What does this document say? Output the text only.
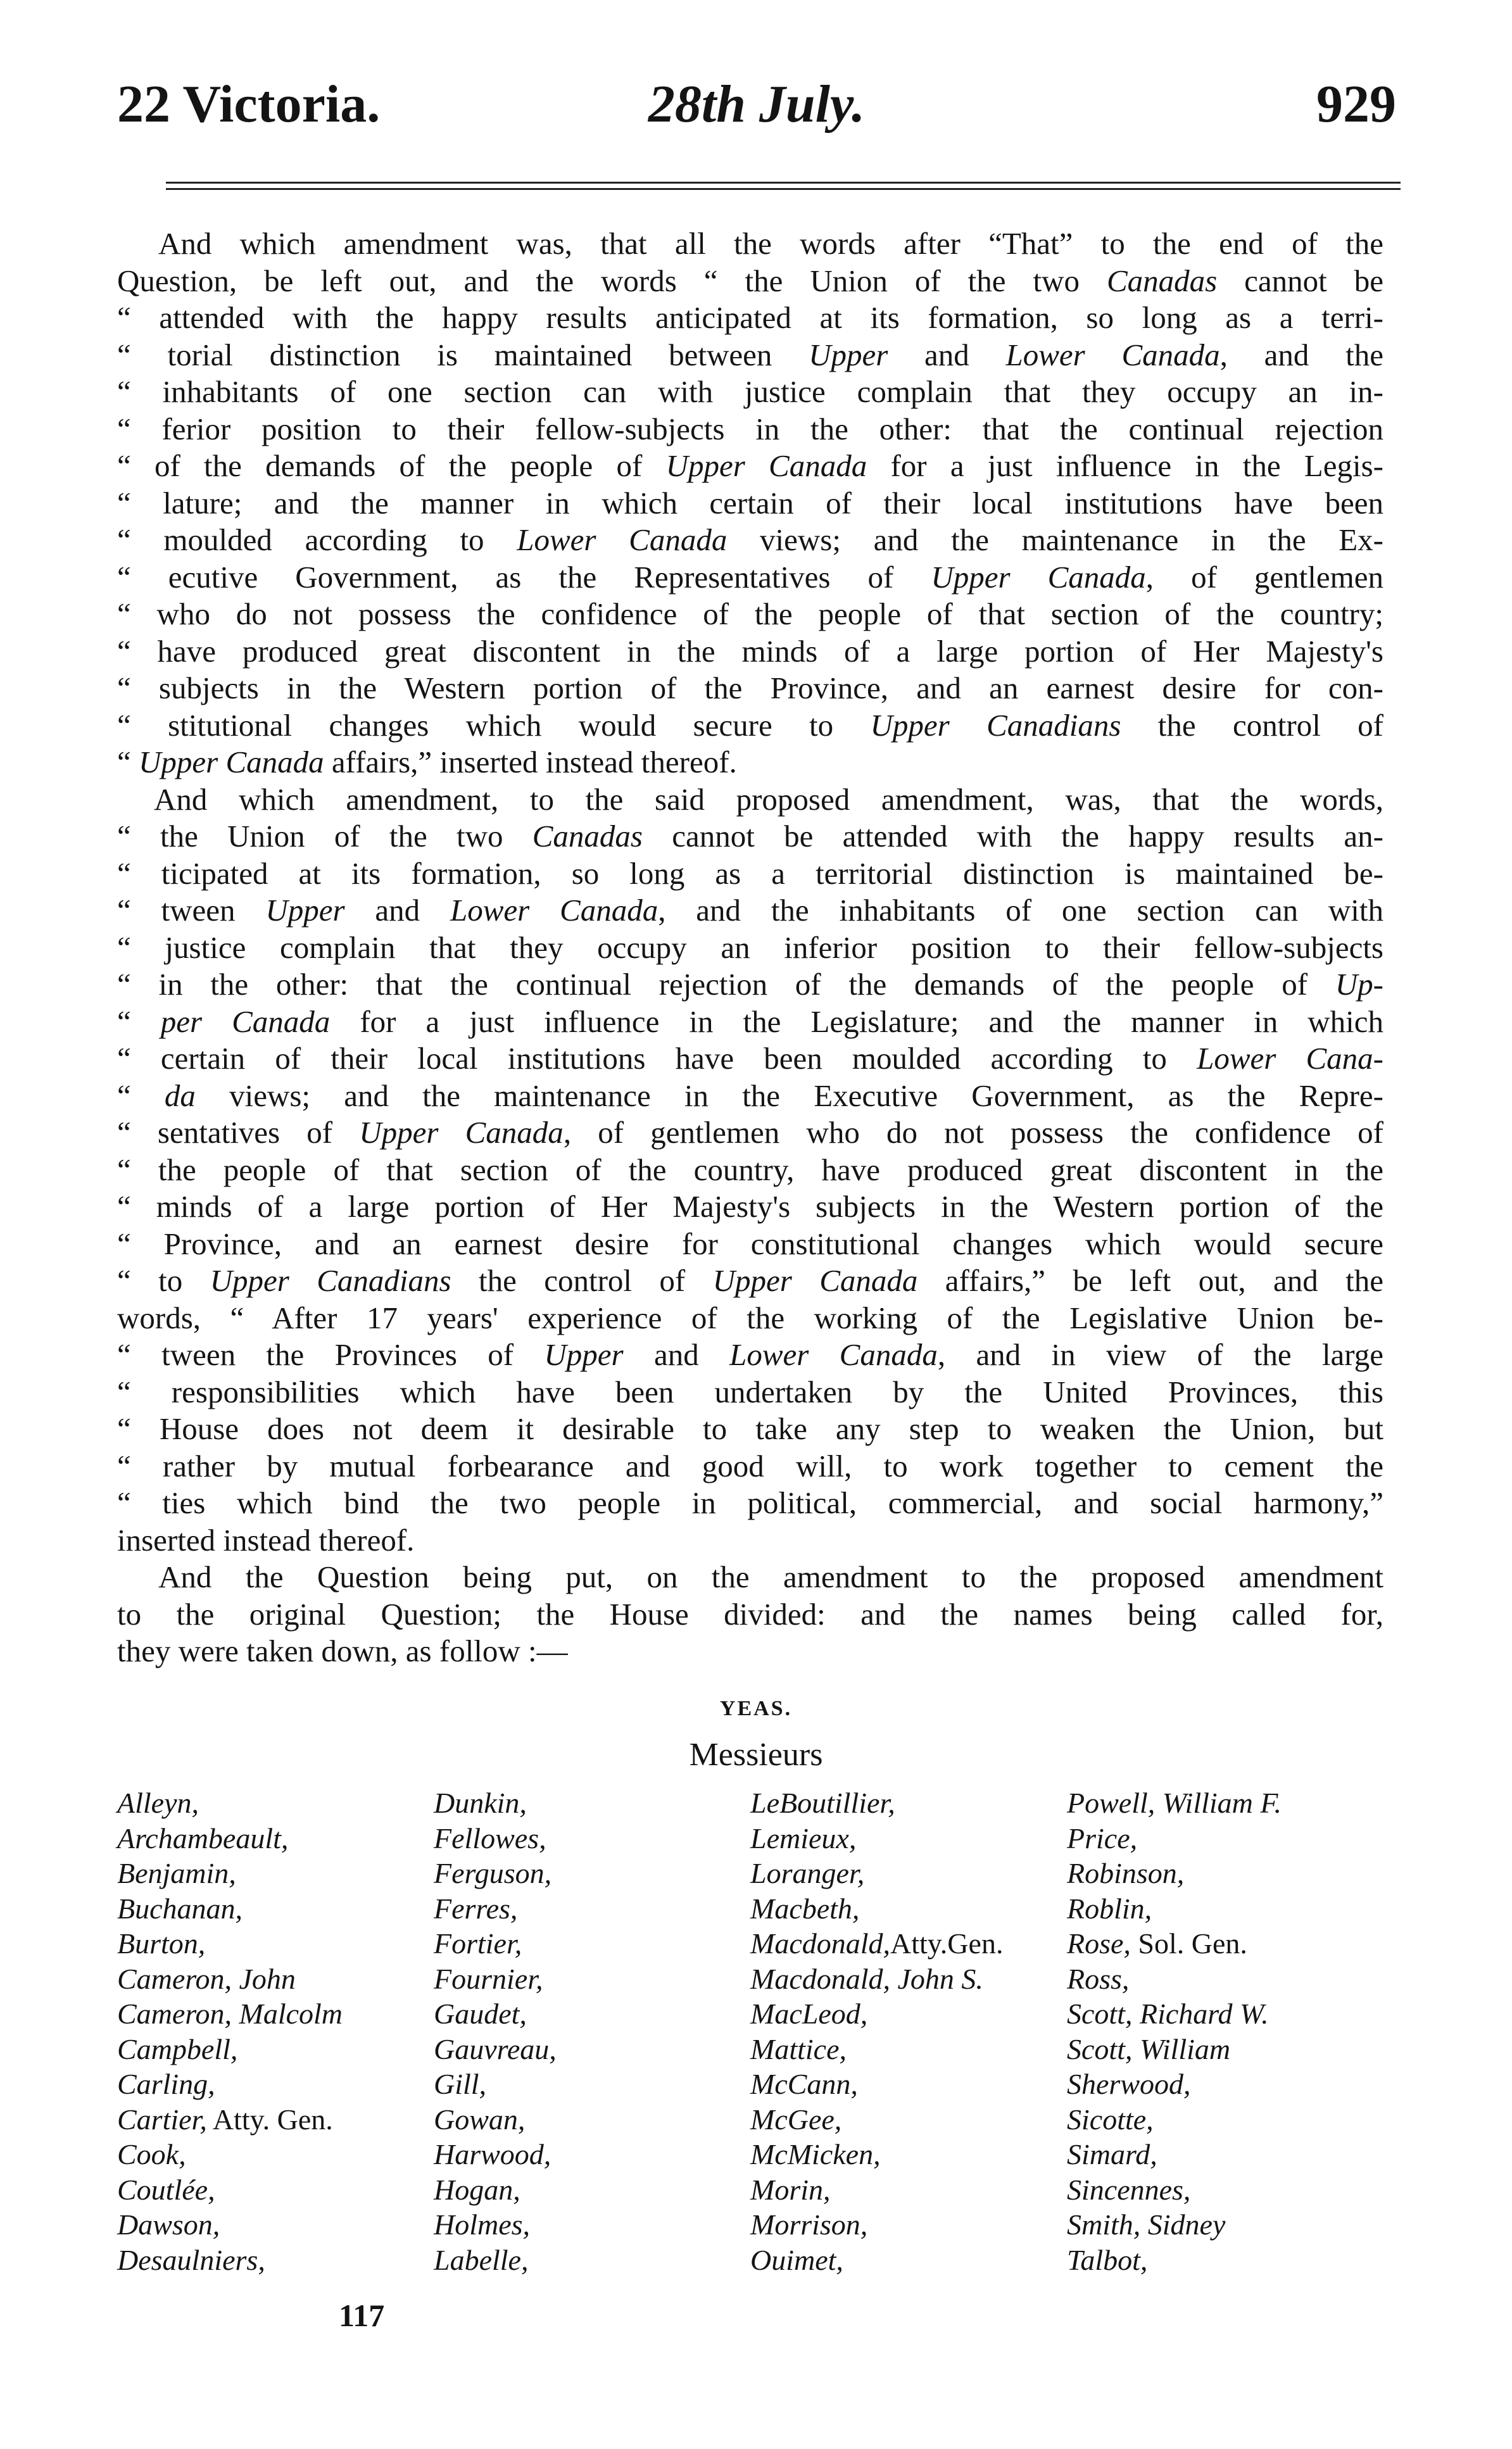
22 Victoria.	28th July.	929
And which amendment was, that all the words after “That” to the end of the
Question, be left out, and the words “ the Union of the two Canadas cannot be
“ attended with the happy results anticipated at its formation, so long as a terri-
“ torial distinction is maintained between Upper and Lower Canada, and the
“ inhabitants of one section can with justice complain that they occupy an in-
“ ferior position to their fellow-subjects in the other: that the continual rejection
“ of the demands of the people of Upper Canada for a just influence in the Legis-
“ lature; and the manner in which certain of their local institutions have been
“ moulded according to Lower Canada views; and the maintenance in the Ex-
“ ecutive Government, as the Representatives of Upper Canada, of gentlemen
“ who do not possess the confidence of the people of that section of the country;
“ have produced great discontent in the minds of a large portion of Her Majesty's
“ subjects in the Western portion of the Province, and an earnest desire for con-
“ stitutional changes which would secure to Upper Canadians the control of
“ Upper Canada affairs,” inserted instead thereof.
And which amendment, to the said proposed amendment, was, that the words,
“ the Union of the two Canadas cannot be attended with the happy results an-
“ ticipated at its formation, so long as a territorial distinction is maintained be-
“ tween Upper and Lower Canada, and the inhabitants of one section can with
“ justice complain that they occupy an inferior position to their fellow-subjects
“ in the other: that the continual rejection of the demands of the people of Up-
“ per Canada for a just influence in the Legislature; and the manner in which
“ certain of their local institutions have been moulded according to Lower Cana-
“ da views; and the maintenance in the Executive Government, as the Repre-
“ sentatives of Upper Canada, of gentlemen who do not possess the confidence of
“ the people of that section of the country, have produced great discontent in the
“ minds of a large portion of Her Majesty's subjects in the Western portion of the
“ Province, and an earnest desire for constitutional changes which would secure
“ to Upper Canadians the control of Upper Canada affairs,” be left out, and the
words, “ After 17 years' experience of the working of the Legislative Union be-
“ tween the Provinces of Upper and Lower Canada, and in view of the large
“ responsibilities which have been undertaken by the United Provinces, this
“ House does not deem it desirable to take any step to weaken the Union, but
“ rather by mutual forbearance and good will, to work together to cement the
“ ties which bind the two people in political, commercial, and social harmony,”
inserted instead thereof.
And the Question being put, on the amendment to the proposed amendment
to the original Question; the House divided: and the names being called for,
they were taken down, as follow :—
YEAS.
Messieurs
Alleyn,
Archambeault,
Benjamin,
Buchanan,
Burton,
Cameron, John
Cameron, Malcolm
Campbell,
Carling,
Cartier, Atty. Gen.
Cook,
Coutlée,
Dawson,
Desaulniers,
Dunkin,
Fellowes,
Ferguson,
Ferres,
Fortier,
Fournier,
Gaudet,
Gauvreau,
Gill,
Gowan,
Harwood,
Hogan,
Holmes,
Labelle,
LeBoutillier,
Lemieux,
Loranger,
Macbeth,
Macdonald,Atty.Gen.
Macdonald, John S.
MacLeod,
Mattice,
McCann,
McGee,
McMicken,
Morin,
Morrison,
Ouimet,
Powell, William F.
Price,
Robinson,
Roblin,
Rose, Sol. Gen.
Ross,
Scott, Richard W.
Scott, William
Sherwood,
Sicotte,
Simard,
Sincennes,
Smith, Sidney
Talbot,
117
